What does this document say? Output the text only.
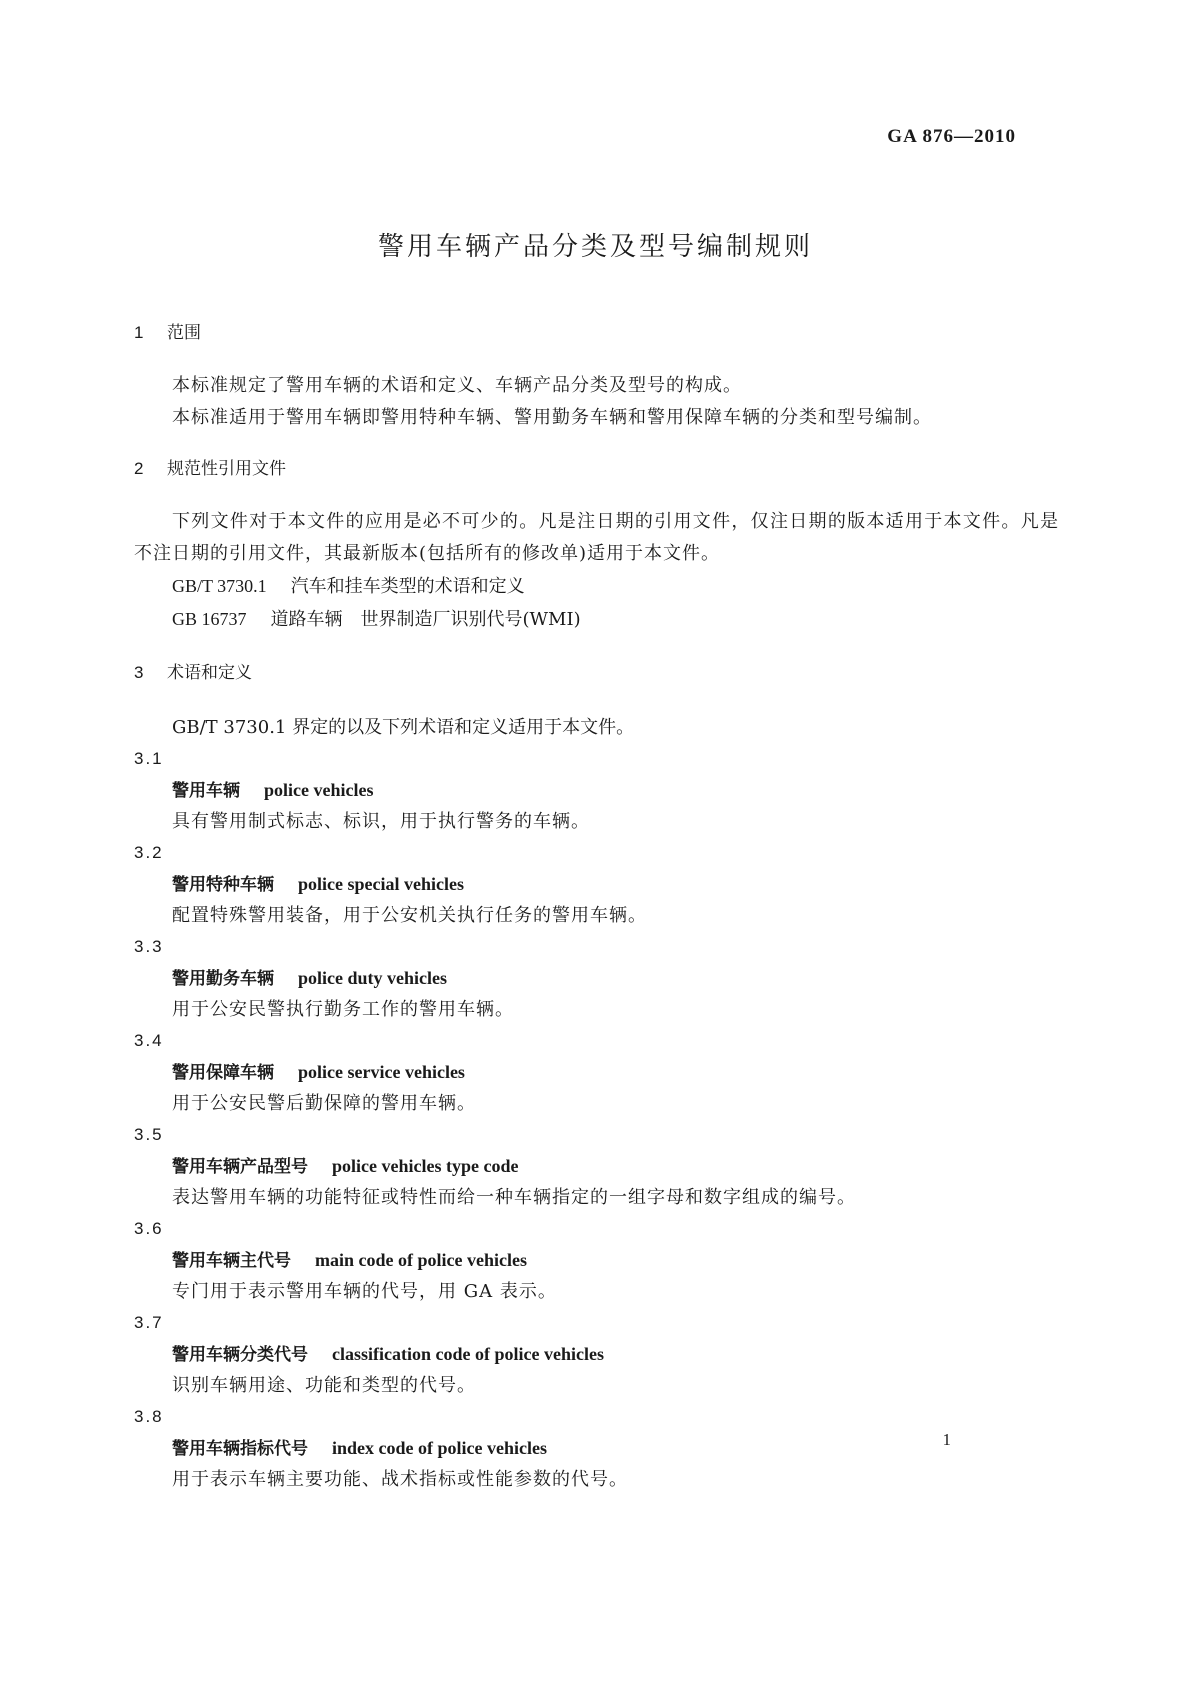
GA 876—2010
警用车辆产品分类及型号编制规则
1	范围
本标准规定了警用车辆的术语和定义、车辆产品分类及型号的构成。
本标准适用于警用车辆即警用特种车辆、警用勤务车辆和警用保障车辆的分类和型号编制。
2	规范性引用文件
下列文件对于本文件的应用是必不可少的。凡是注日期的引用文件，仅注日期的版本适用于本文件。凡是不注日期的引用文件，其最新版本(包括所有的修改单)适用于本文件。
GB/T 3730.1 汽车和挂车类型的术语和定义
GB 16737 道路车辆　世界制造厂识别代号(WMI)
3	术语和定义
GB/T 3730.1 界定的以及下列术语和定义适用于本文件。
3.1
警用车辆 police vehicles
具有警用制式标志、标识，用于执行警务的车辆。
3.2
警用特种车辆 police special vehicles
配置特殊警用装备，用于公安机关执行任务的警用车辆。
3.3
警用勤务车辆 police duty vehicles
用于公安民警执行勤务工作的警用车辆。
3.4
警用保障车辆 police service vehicles
用于公安民警后勤保障的警用车辆。
3.5
警用车辆产品型号 police vehicles type code
表达警用车辆的功能特征或特性而给一种车辆指定的一组字母和数字组成的编号。
3.6
警用车辆主代号 main code of police vehicles
专门用于表示警用车辆的代号，用 GA 表示。
3.7
警用车辆分类代号 classification code of police vehicles
识别车辆用途、功能和类型的代号。
3.8
警用车辆指标代号 index code of police vehicles
用于表示车辆主要功能、战术指标或性能参数的代号。
1
